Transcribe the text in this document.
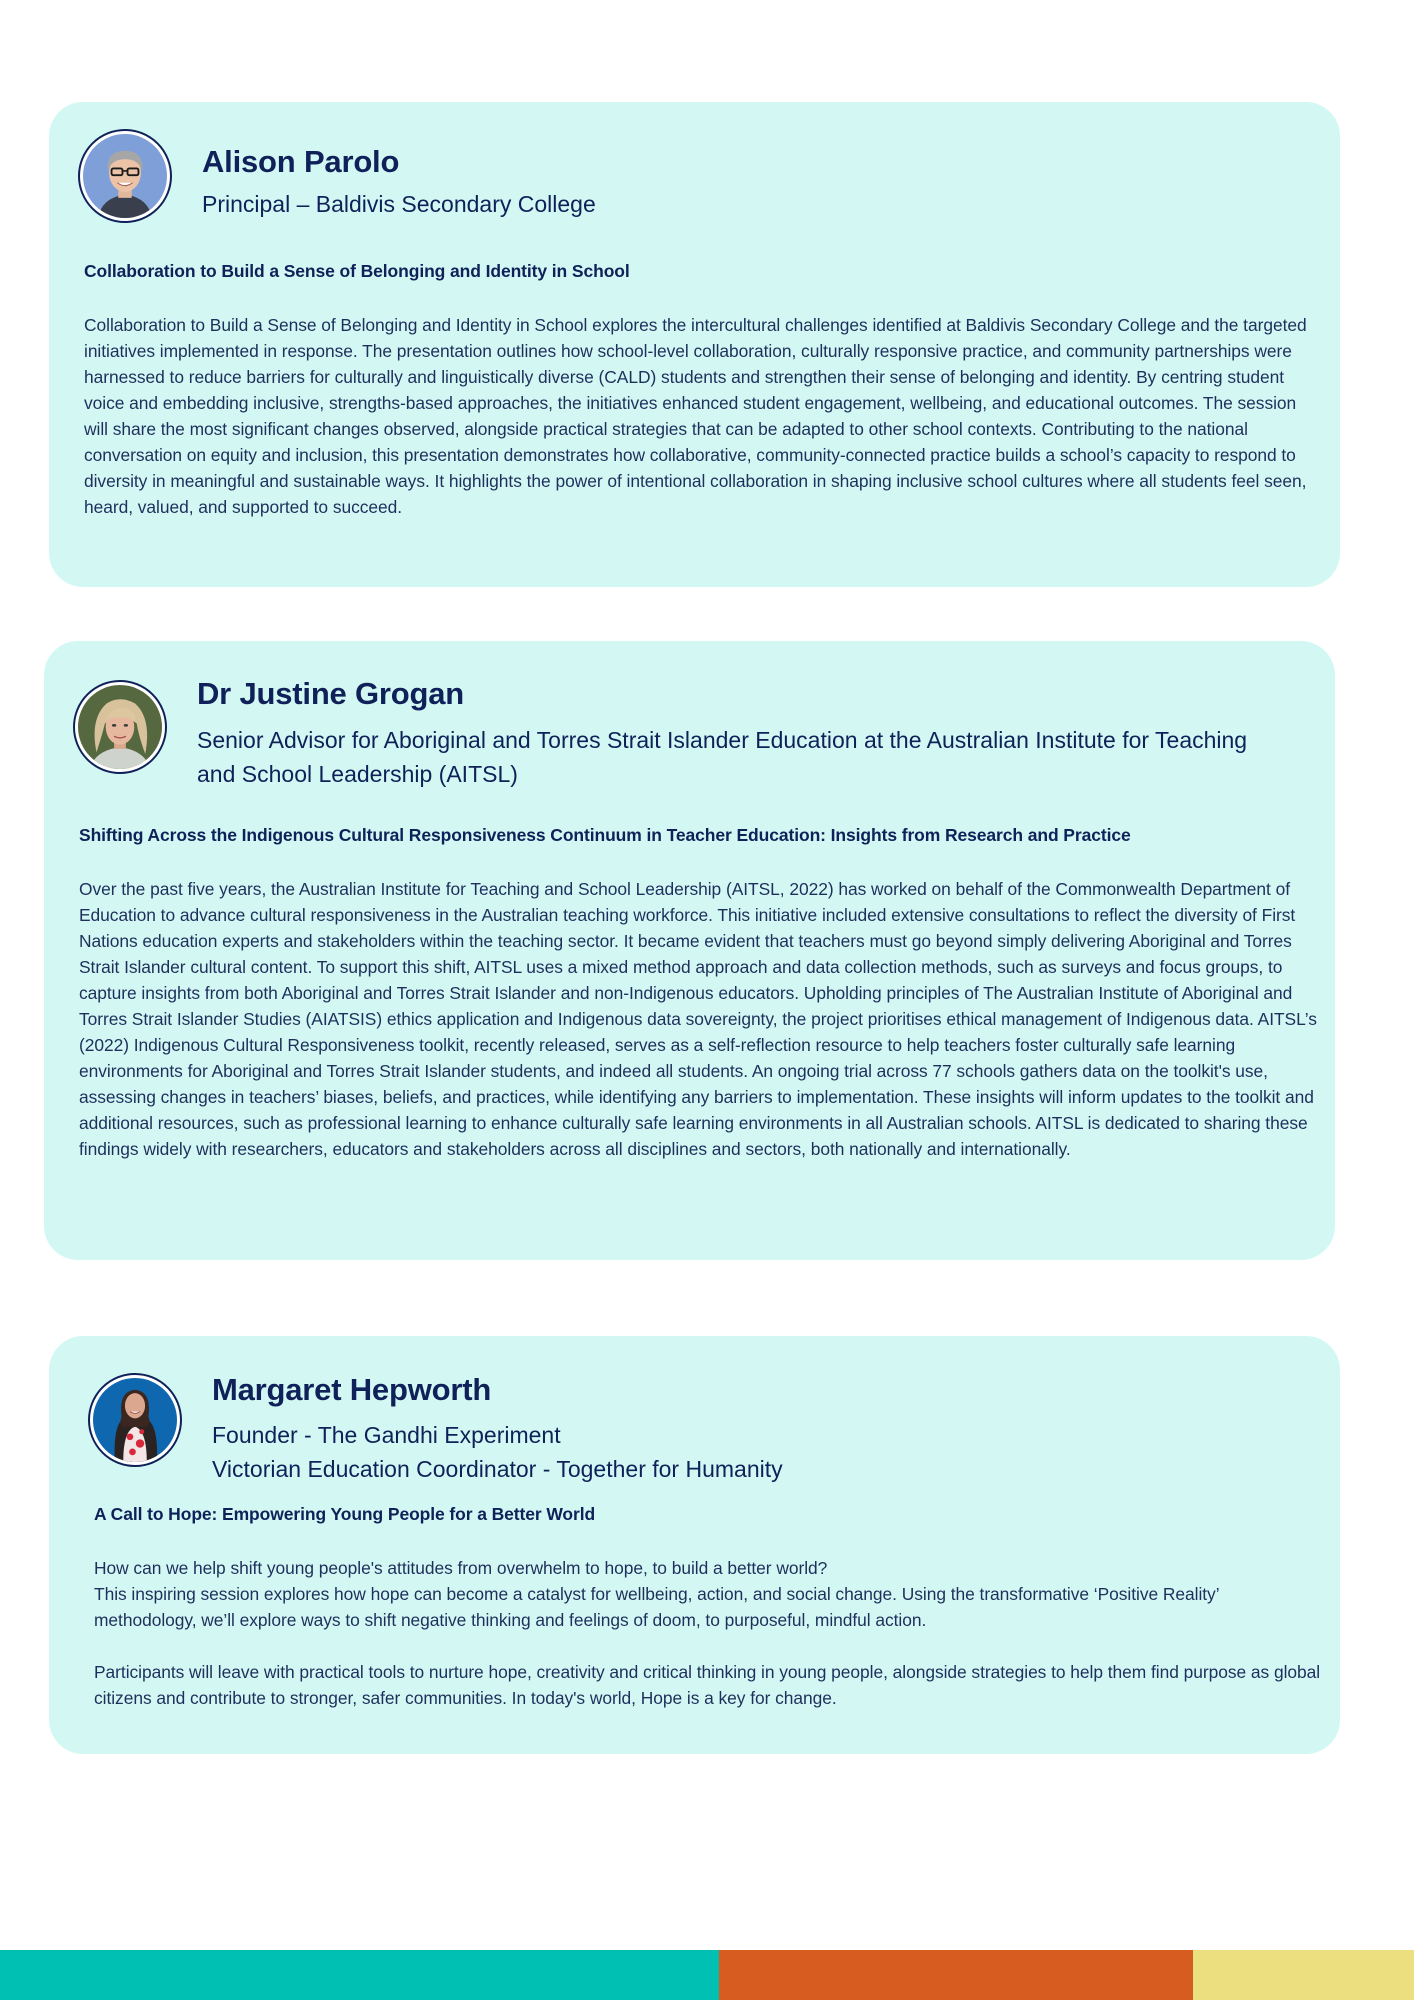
Alison Parolo
Principal – Baldivis Secondary College
Collaboration to Build a Sense of Belonging and Identity in School

Collaboration to Build a Sense of Belonging and Identity in School explores the intercultural challenges identified at Baldivis Secondary College and the targeted initiatives implemented in response. The presentation outlines how school-level collaboration, culturally responsive practice, and community partnerships were harnessed to reduce barriers for culturally and linguistically diverse (CALD) students and strengthen their sense of belonging and identity. By centring student voice and embedding inclusive, strengths-based approaches, the initiatives enhanced student engagement, wellbeing, and educational outcomes. The session will share the most significant changes observed, alongside practical strategies that can be adapted to other school contexts. Contributing to the national conversation on equity and inclusion, this presentation demonstrates how collaborative, community-connected practice builds a school’s capacity to respond to diversity in meaningful and sustainable ways. It highlights the power of intentional collaboration in shaping inclusive school cultures where all students feel seen, heard, valued, and supported to succeed.

Dr Justine Grogan
Senior Advisor for Aboriginal and Torres Strait Islander Education at the Australian Institute for Teaching and School Leadership (AITSL)
Shifting Across the Indigenous Cultural Responsiveness Continuum in Teacher Education: Insights from Research and Practice

Over the past five years, the Australian Institute for Teaching and School Leadership (AITSL, 2022) has worked on behalf of the Commonwealth Department of Education to advance cultural responsiveness in the Australian teaching workforce. This initiative included extensive consultations to reflect the diversity of First Nations education experts and stakeholders within the teaching sector. It became evident that teachers must go beyond simply delivering Aboriginal and Torres Strait Islander cultural content. To support this shift, AITSL uses a mixed method approach and data collection methods, such as surveys and focus groups, to capture insights from both Aboriginal and Torres Strait Islander and non-Indigenous educators. Upholding principles of The Australian Institute of Aboriginal and Torres Strait Islander Studies (AIATSIS) ethics application and Indigenous data sovereignty, the project prioritises ethical management of Indigenous data. AITSL’s (2022) Indigenous Cultural Responsiveness toolkit, recently released, serves as a self-reflection resource to help teachers foster culturally safe learning environments for Aboriginal and Torres Strait Islander students, and indeed all students. An ongoing trial across 77 schools gathers data on the toolkit's use, assessing changes in teachers’ biases, beliefs, and practices, while identifying any barriers to implementation. These insights will inform updates to the toolkit and additional resources, such as professional learning to enhance culturally safe learning environments in all Australian schools. AITSL is dedicated to sharing these findings widely with researchers, educators and stakeholders across all disciplines and sectors, both nationally and internationally.

Margaret Hepworth
Founder - The Gandhi Experiment
Victorian Education Coordinator - Together for Humanity
A Call to Hope: Empowering Young People for a Better World

How can we help shift young people's attitudes from overwhelm to hope, to build a better world?

This inspiring session explores how hope can become a catalyst for wellbeing, action, and social change. Using the transformative ‘Positive Reality’ methodology, we’ll explore ways to shift negative thinking and feelings of doom, to purposeful, mindful action.

Participants will leave with practical tools to nurture hope, creativity and critical thinking in young people, alongside strategies to help them find purpose as global citizens and contribute to stronger, safer communities. In today's world, Hope is a key for change.
